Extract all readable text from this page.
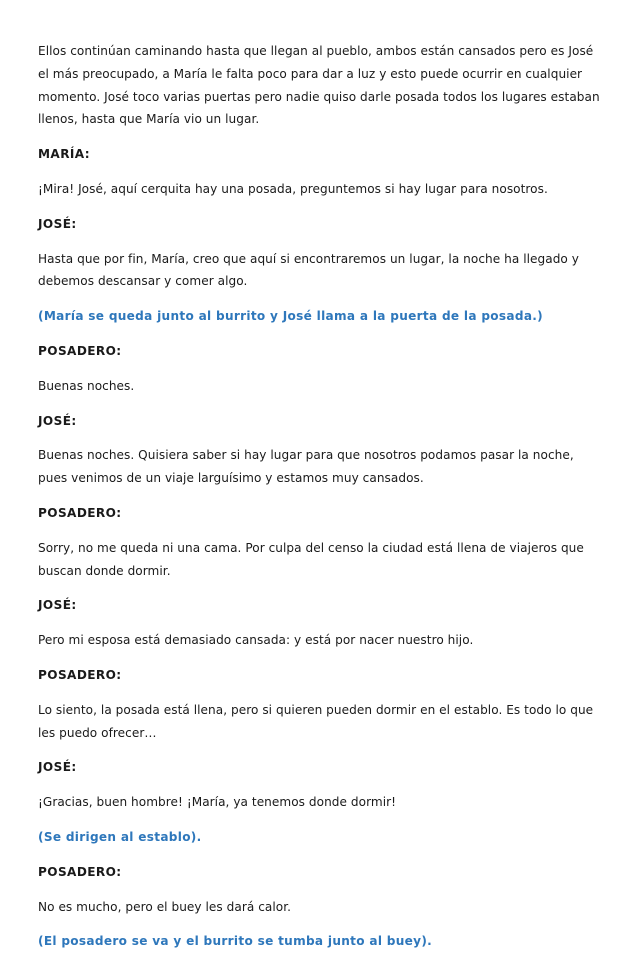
Ellos continúan caminando hasta que llegan al pueblo, ambos están cansados pero es José el más preocupado, a María le falta poco para dar a luz y esto puede ocurrir en cualquier momento. José toco varias puertas pero nadie quiso darle posada todos los lugares estaban llenos, hasta que María vio un lugar.

MARÍA:

¡Mira! José, aquí cerquita hay una posada, preguntemos si hay lugar para nosotros.

JOSÉ:

Hasta que por fin, María, creo que aquí si encontraremos un lugar, la noche ha llegado y debemos descansar y comer algo.

(María se queda junto al burrito y José llama a la puerta de la posada.)

POSADERO:

Buenas noches.

JOSÉ:

Buenas noches. Quisiera saber si hay lugar para que nosotros podamos pasar la noche, pues venimos de un viaje larguísimo y estamos muy cansados.

POSADERO:

Sorry, no me queda ni una cama. Por culpa del censo la ciudad está llena de viajeros que buscan donde dormir.

JOSÉ:

Pero mi esposa está demasiado cansada: y está por nacer nuestro hijo.

POSADERO:

Lo siento, la posada está llena, pero si quieren pueden dormir en el establo. Es todo lo que les puedo ofrecer…

JOSÉ:

¡Gracias, buen hombre! ¡María, ya tenemos donde dormir!

(Se dirigen al establo).

POSADERO:

No es mucho, pero el buey les dará calor.

(El posadero se va y el burrito se tumba junto al buey).
